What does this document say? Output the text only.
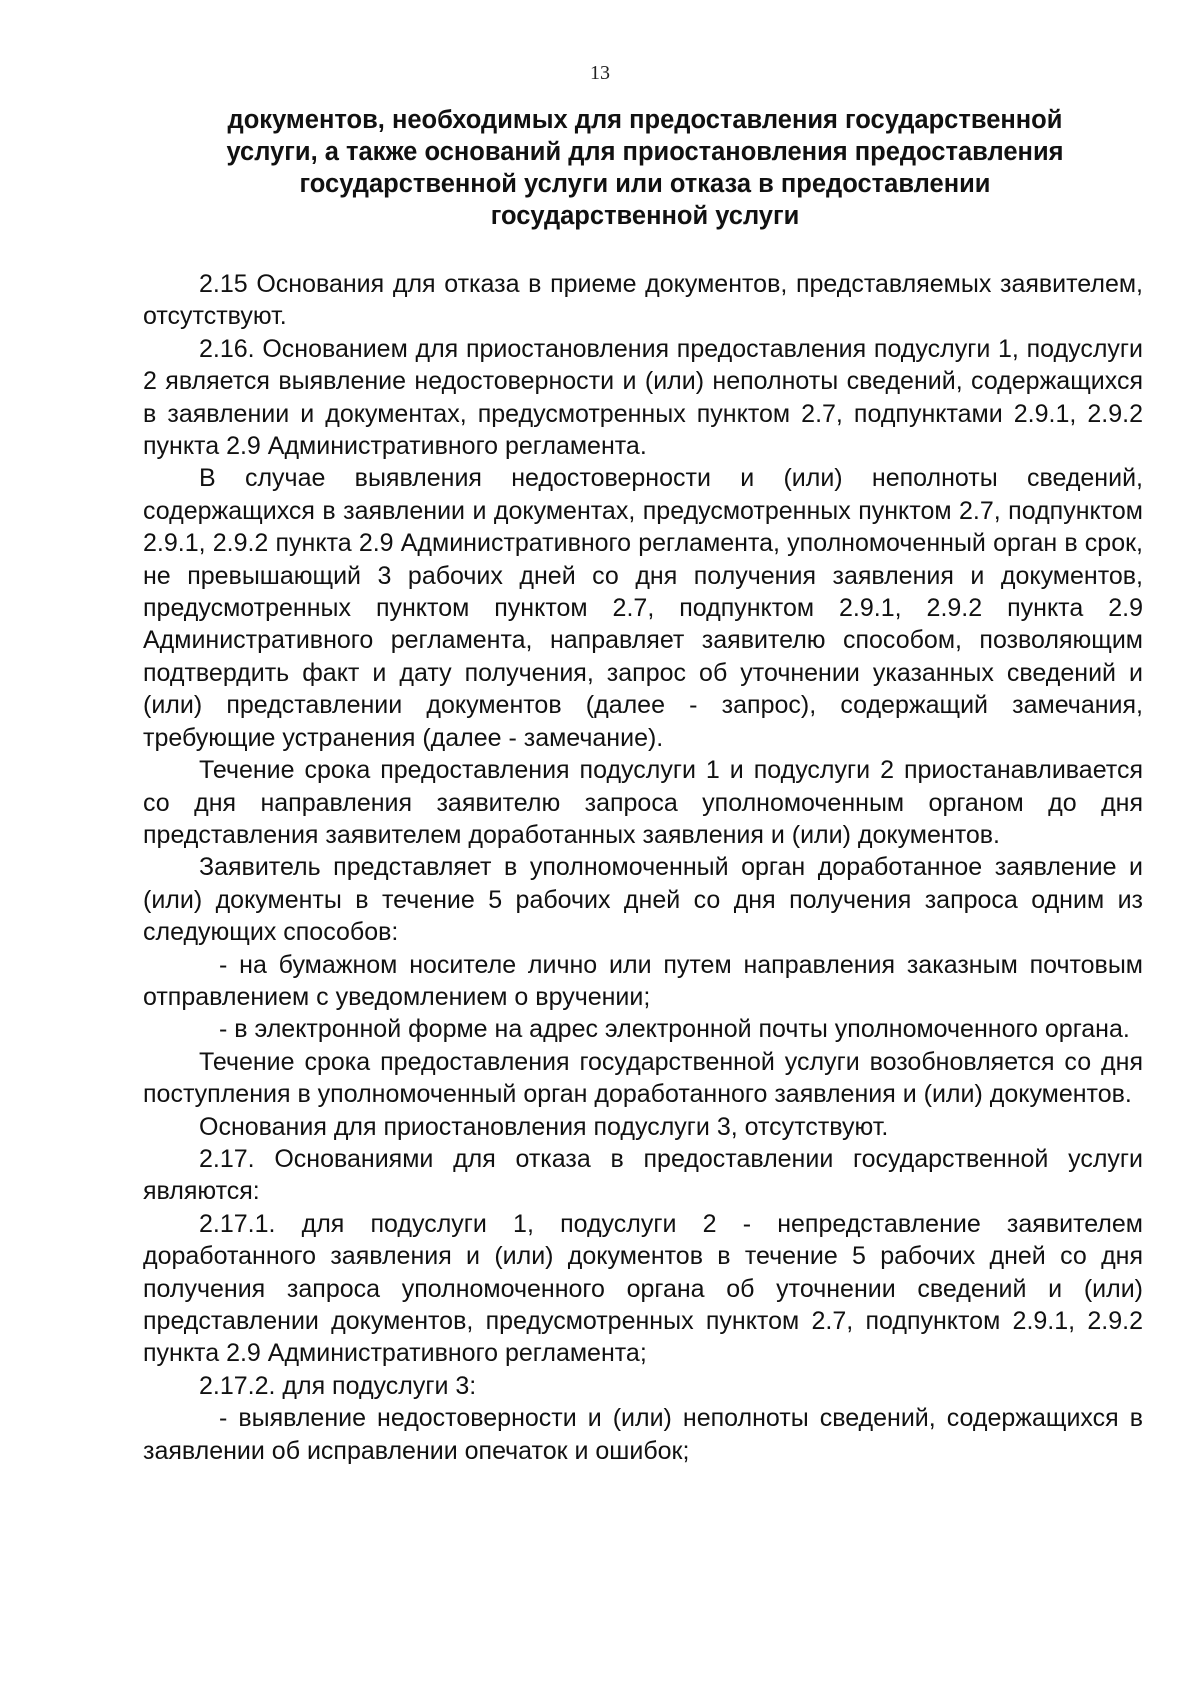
13
документов, необходимых для предоставления государственной
услуги, а также оснований для приостановления предоставления
государственной услуги или отказа в предоставлении
государственной услуги

2.15 Основания для отказа в приеме документов, представляемых заявителем, отсутствуют.

2.16. Основанием для приостановления предоставления подуслуги 1, подуслуги 2 является выявление недостоверности и (или) неполноты сведений, содержащихся в заявлении и документах, предусмотренных пунктом 2.7, подпунктами 2.9.1, 2.9.2 пункта 2.9 Административного регламента.

В случае выявления недостоверности и (или) неполноты сведений, содержащихся в заявлении и документах, предусмотренных пунктом 2.7, подпунктом 2.9.1, 2.9.2 пункта 2.9 Административного регламента, уполномоченный орган в срок, не превышающий 3 рабочих дней со дня получения заявления и документов, предусмотренных пунктом пунктом 2.7, подпунктом 2.9.1, 2.9.2 пункта 2.9 Административного регламента, направляет заявителю способом, позволяющим подтвердить факт и дату получения, запрос об уточнении указанных сведений и (или) представлении документов (далее - запрос), содержащий замечания, требующие устранения (далее - замечание).

Течение срока предоставления подуслуги 1 и подуслуги 2 приостанавливается со дня направления заявителю запроса уполномоченным органом до дня представления заявителем доработанных заявления и (или) документов.

Заявитель представляет в уполномоченный орган доработанное заявление и (или) документы в течение 5 рабочих дней со дня получения запроса одним из следующих способов:

- на бумажном носителе лично или путем направления заказным почтовым отправлением с уведомлением о вручении;

- в электронной форме на адрес электронной почты уполномоченного органа.

Течение срока предоставления государственной услуги возобновляется со дня поступления в уполномоченный орган доработанного заявления и (или) документов.

Основания для приостановления подуслуги 3, отсутствуют.

2.17. Основаниями для отказа в предоставлении государственной услуги являются:

2.17.1. для подуслуги 1, подуслуги 2 - непредставление заявителем доработанного заявления и (или) документов в течение 5 рабочих дней со дня получения запроса уполномоченного органа об уточнении сведений и (или) представлении документов, предусмотренных пунктом 2.7, подпунктом 2.9.1, 2.9.2 пункта 2.9 Административного регламента;

2.17.2. для подуслуги 3:

- выявление недостоверности и (или) неполноты сведений, содержащихся в заявлении об исправлении опечаток и ошибок;
